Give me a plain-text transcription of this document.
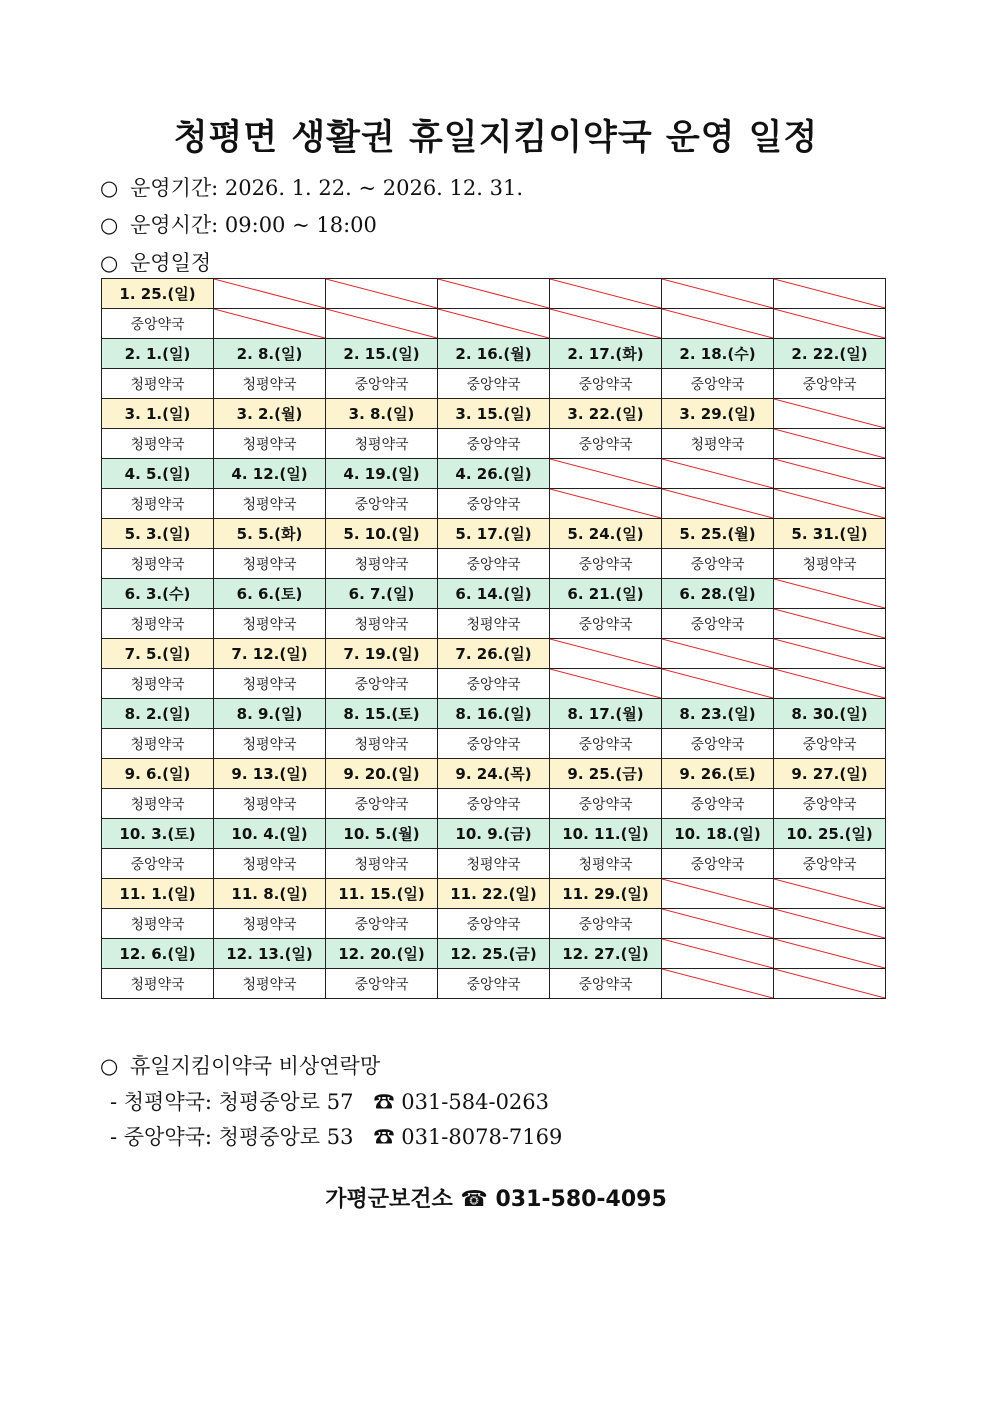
청평면 생활권 휴일지킴이약국 운영 일정
○ 운영기간: 2026. 1. 22. ~ 2026. 12. 31.
○ 운영시간: 09:00 ~ 18:00
○ 운영일정
1. 25.(일)	

중앙약국	

2. 1.(일)	2. 8.(일)	2. 15.(일)	2. 16.(월)	2. 17.(화)	2. 18.(수)	2. 22.(일)
청평약국	청평약국	중앙약국	중앙약국	중앙약국	중앙약국	중앙약국
3. 1.(일)	3. 2.(월)	3. 8.(일)	3. 15.(일)	3. 22.(일)	3. 29.(일)	

청평약국	청평약국	청평약국	중앙약국	중앙약국	청평약국	

4. 5.(일)	4. 12.(일)	4. 19.(일)	4. 26.(일)	

청평약국	청평약국	중앙약국	중앙약국	

5. 3.(일)	5. 5.(화)	5. 10.(일)	5. 17.(일)	5. 24.(일)	5. 25.(월)	5. 31.(일)
청평약국	청평약국	청평약국	중앙약국	중앙약국	중앙약국	청평약국
6. 3.(수)	6. 6.(토)	6. 7.(일)	6. 14.(일)	6. 21.(일)	6. 28.(일)	

청평약국	청평약국	청평약국	청평약국	중앙약국	중앙약국	

7. 5.(일)	7. 12.(일)	7. 19.(일)	7. 26.(일)	

청평약국	청평약국	중앙약국	중앙약국	

8. 2.(일)	8. 9.(일)	8. 15.(토)	8. 16.(일)	8. 17.(월)	8. 23.(일)	8. 30.(일)
청평약국	청평약국	청평약국	중앙약국	중앙약국	중앙약국	중앙약국
9. 6.(일)	9. 13.(일)	9. 20.(일)	9. 24.(목)	9. 25.(금)	9. 26.(토)	9. 27.(일)
청평약국	청평약국	중앙약국	중앙약국	중앙약국	중앙약국	중앙약국
10. 3.(토)	10. 4.(일)	10. 5.(월)	10. 9.(금)	10. 11.(일)	10. 18.(일)	10. 25.(일)
중앙약국	청평약국	청평약국	청평약국	청평약국	중앙약국	중앙약국
11. 1.(일)	11. 8.(일)	11. 15.(일)	11. 22.(일)	11. 29.(일)	

청평약국	청평약국	중앙약국	중앙약국	중앙약국	

12. 6.(일)	12. 13.(일)	12. 20.(일)	12. 25.(금)	12. 27.(일)	

청평약국	청평약국	중앙약국	중앙약국	중앙약국	

○ 휴일지킴이약국 비상연락망
- 청평약국: 청평중앙로 57 ☎ 031-584-0263
- 중앙약국: 청평중앙로 53 ☎ 031-8078-7169
가평군보건소 ☎ 031-580-4095
